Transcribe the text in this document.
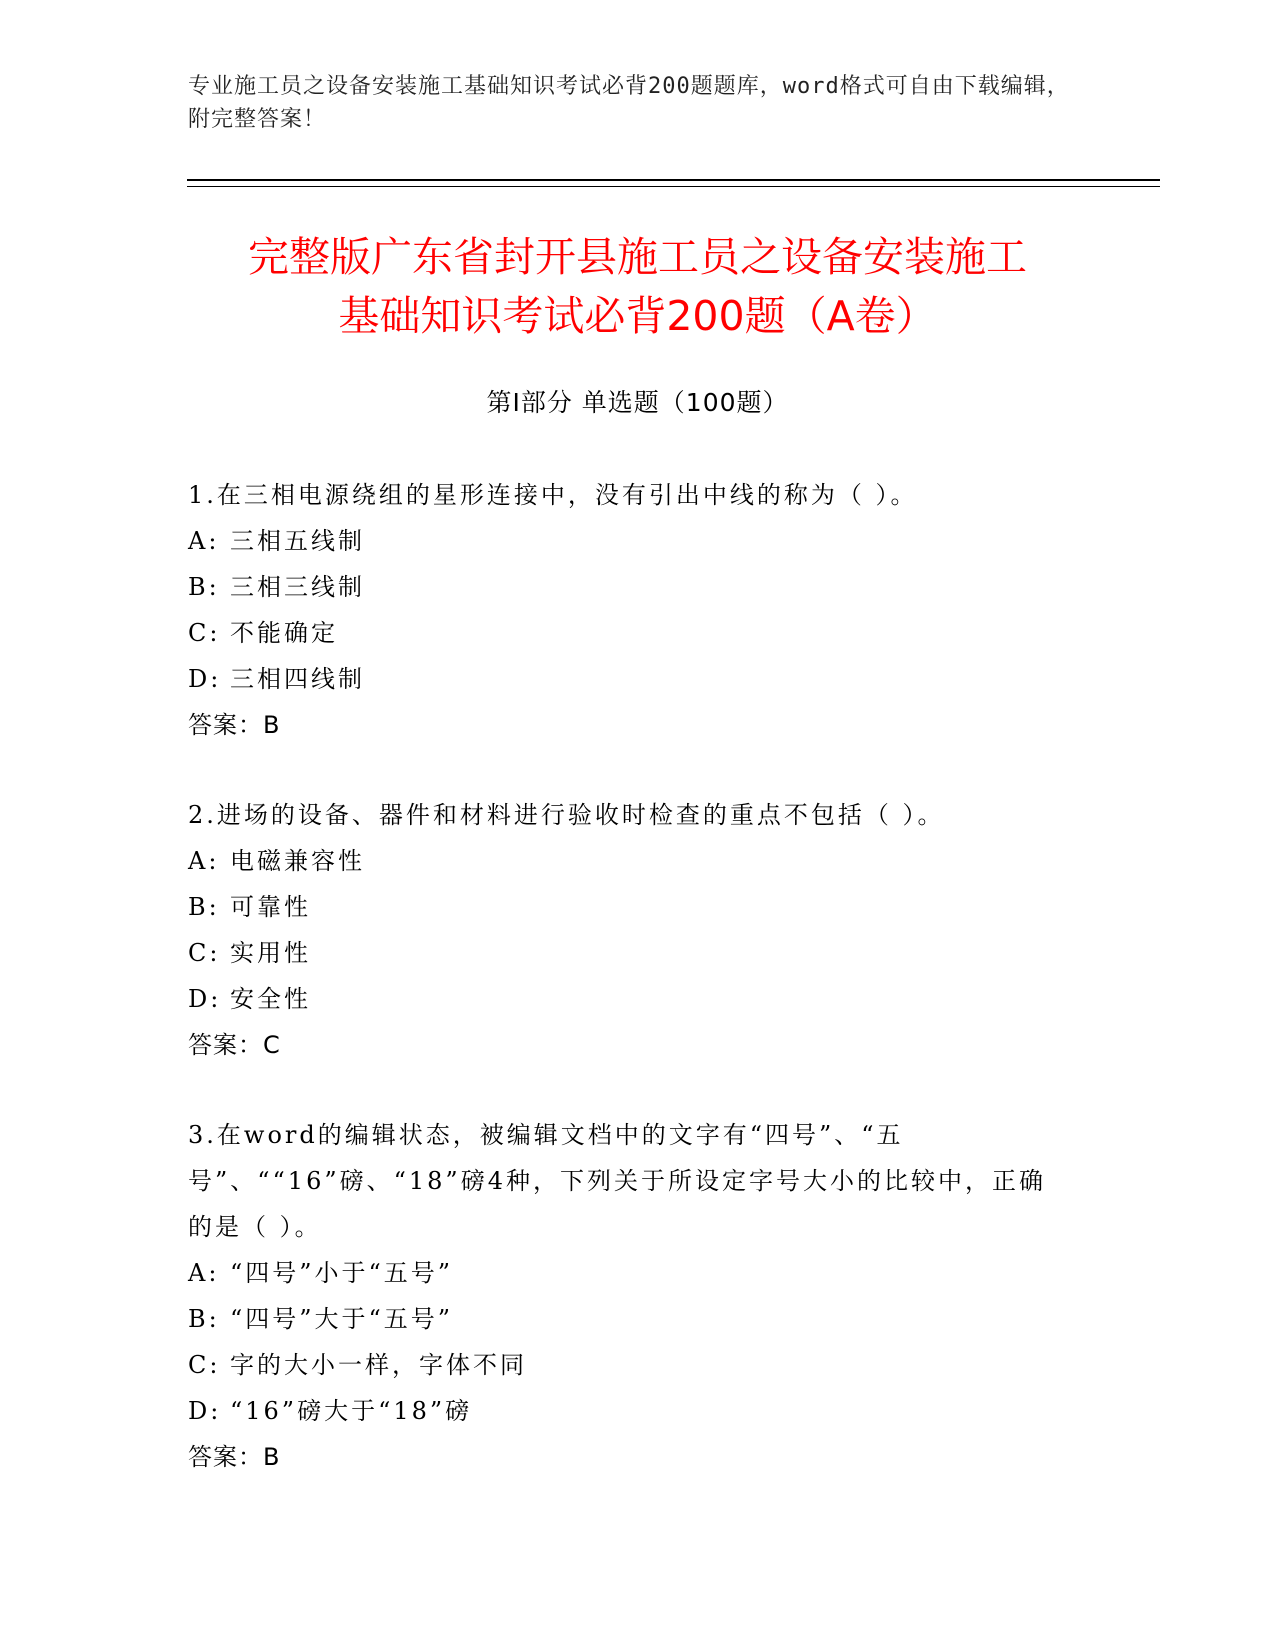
专业施工员之设备安装施工基础知识考试必背200题题库，word格式可自由下载编辑，附完整答案！
完整版广东省封开县施工员之设备安装施工
基础知识考试必背200题（A卷）
第Ⅰ部分 单选题（100题）
1.在三相电源绕组的星形连接中，没有引出中线的称为（ ）。
A: 三相五线制
B: 三相三线制
C: 不能确定
D: 三相四线制
答案：B
2.进场的设备、器件和材料进行验收时检查的重点不包括（ ）。
A: 电磁兼容性
B: 可靠性
C: 实用性
D: 安全性
答案：C
3.在word的编辑状态，被编辑文档中的文字有“四号”、“五号”、““16”磅、“18”磅4种，下列关于所设定字号大小的比较中，正确的是（ ）。
A: “四号”小于“五号”
B: “四号”大于“五号”
C: 字的大小一样，字体不同
D: “16”磅大于“18”磅
答案：B
